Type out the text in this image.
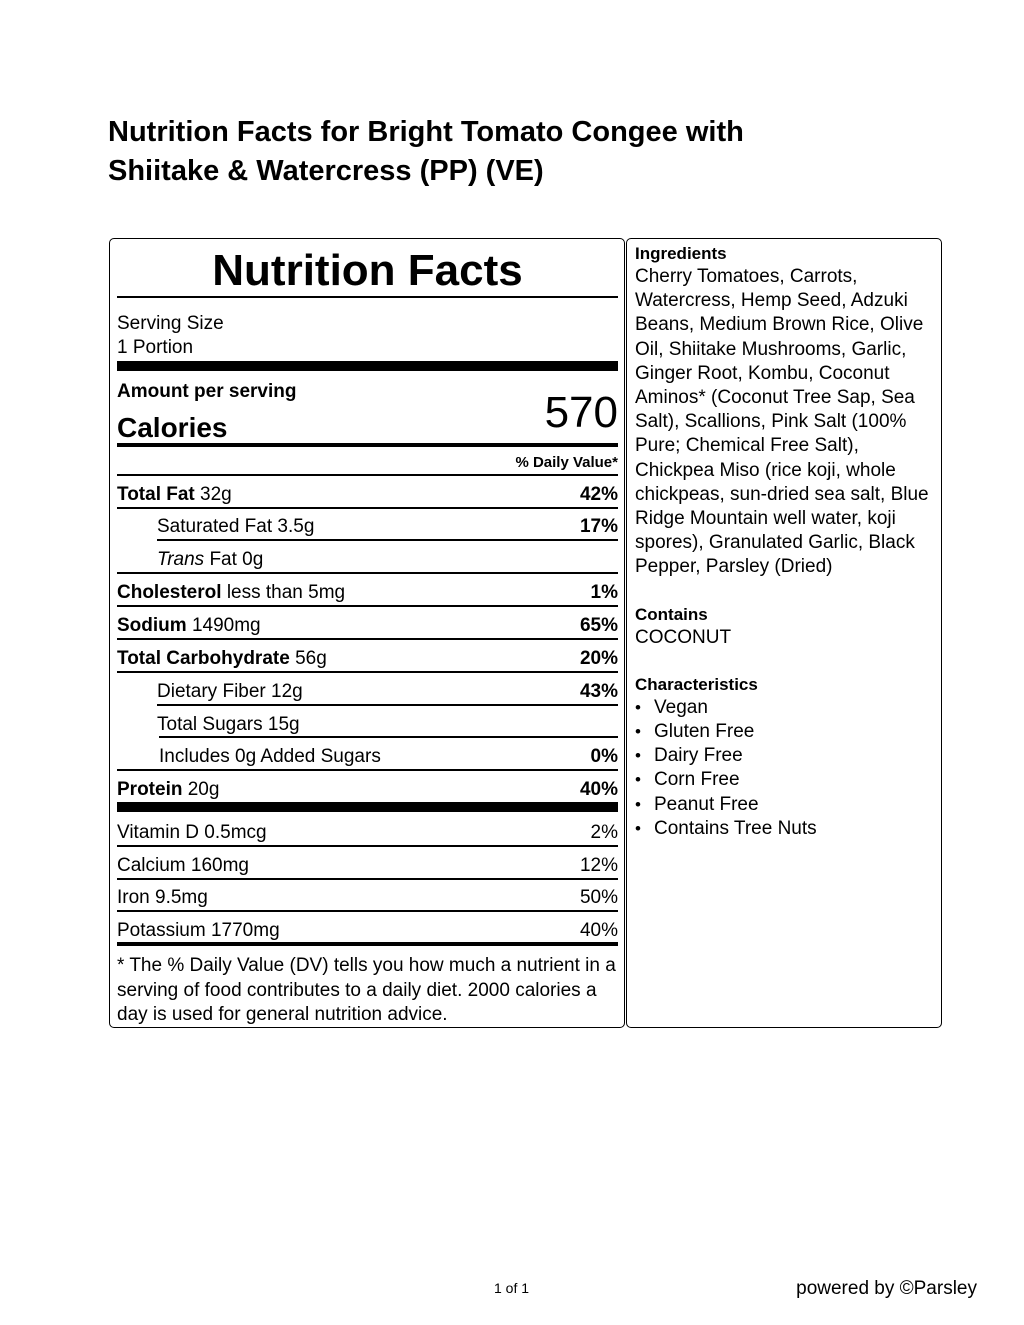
Nutrition Facts for Bright Tomato Congee with
Shiitake & Watercress (PP) (VE)
Nutrition Facts
Serving Size
1 Portion
Amount per serving
Calories	570
% Daily Value*
Total Fat 32g	42%
Saturated Fat 3.5g	17%
Trans Fat 0g
Cholesterol less than 5mg	1%
Sodium 1490mg	65%
Total Carbohydrate 56g	20%
Dietary Fiber 12g	43%
Total Sugars 15g
Includes 0g Added Sugars	0%
Protein 20g	40%
Vitamin D 0.5mcg	2%
Calcium 160mg	12%
Iron 9.5mg	50%
Potassium 1770mg	40%
* The % Daily Value (DV) tells you how much a nutrient in a serving of food contributes to a daily diet. 2000 calories a day is used for general nutrition advice.

Ingredients

Cherry Tomatoes, Carrots, Watercress, Hemp Seed, Adzuki Beans, Medium Brown Rice, Olive Oil, Shiitake Mushrooms, Garlic, Ginger Root, Kombu, Coconut Aminos* (Coconut Tree Sap, Sea Salt), Scallions, Pink Salt (100% Pure; Chemical Free Salt), Chickpea Miso (rice koji, whole chickpeas, sun-dried sea salt, Blue Ridge Mountain well water, koji spores), Granulated Garlic, Black Pepper, Parsley (Dried)

Contains

COCONUT

Characteristics

• Vegan
• Gluten Free
• Dairy Free
• Corn Free
• Peanut Free
• Contains Tree Nuts
1 of 1	powered by ©Parsley
